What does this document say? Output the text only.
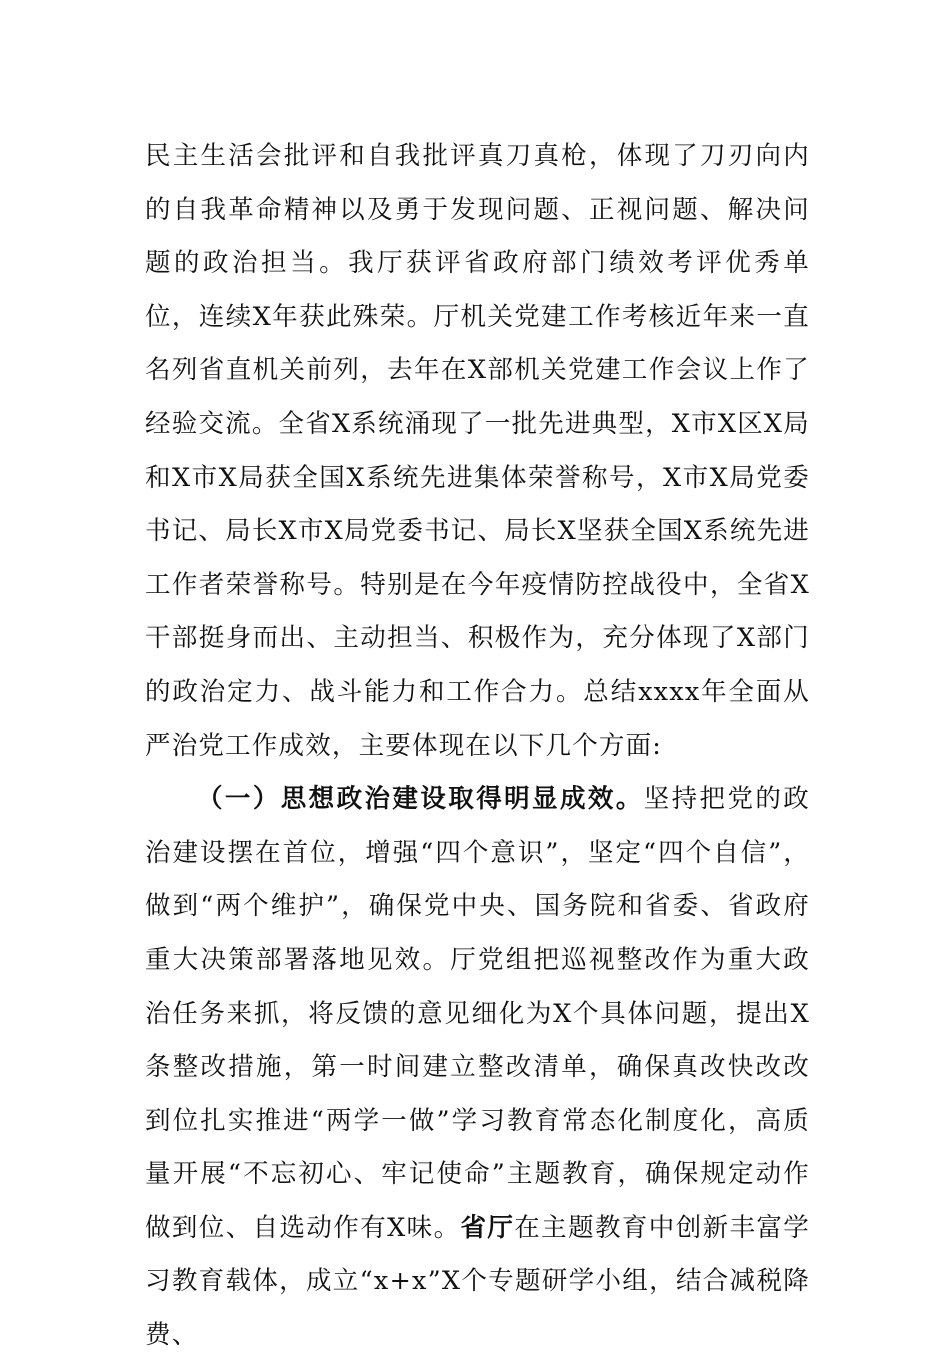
民主生活会批评和自我批评真刀真枪，体现了刀刃向内的自我革命精神以及勇于发现问题、正视问题、解决问题的政治担当。我厅获评省政府部门绩效考评优秀单位，连续X年获此殊荣。厅机关党建工作考核近年来一直名列省直机关前列，去年在X部机关党建工作会议上作了经验交流。全省X系统涌现了一批先进典型，X市X区X局和X市X局获全国X系统先进集体荣誉称号，X市X局党委书记、局长X市X局党委书记、局长X坚获全国X系统先进工作者荣誉称号。特别是在今年疫情防控战役中，全省X干部挺身而出、主动担当、积极作为，充分体现了X部门的政治定力、战斗能力和工作合力。总结xxxx年全面从严治党工作成效，主要体现在以下几个方面:

（一）思想政治建设取得明显成效。坚持把党的政治建设摆在首位，增强“四个意识”，坚定“四个自信”，做到“两个维护”，确保党中央、国务院和省委、省政府重大决策部署落地见效。厅党组把巡视整改作为重大政治任务来抓，将反馈的意见细化为X个具体问题，提出X条整改措施，第一时间建立整改清单，确保真改快改改到位扎实推进“两学一做”学习教育常态化制度化，高质量开展“不忘初心、牢记使命”主题教育，确保规定动作做到位、自选动作有X味。省厅在主题教育中创新丰富学习教育载体，成立“x+x”X个专题研学小组，结合减税降费、
